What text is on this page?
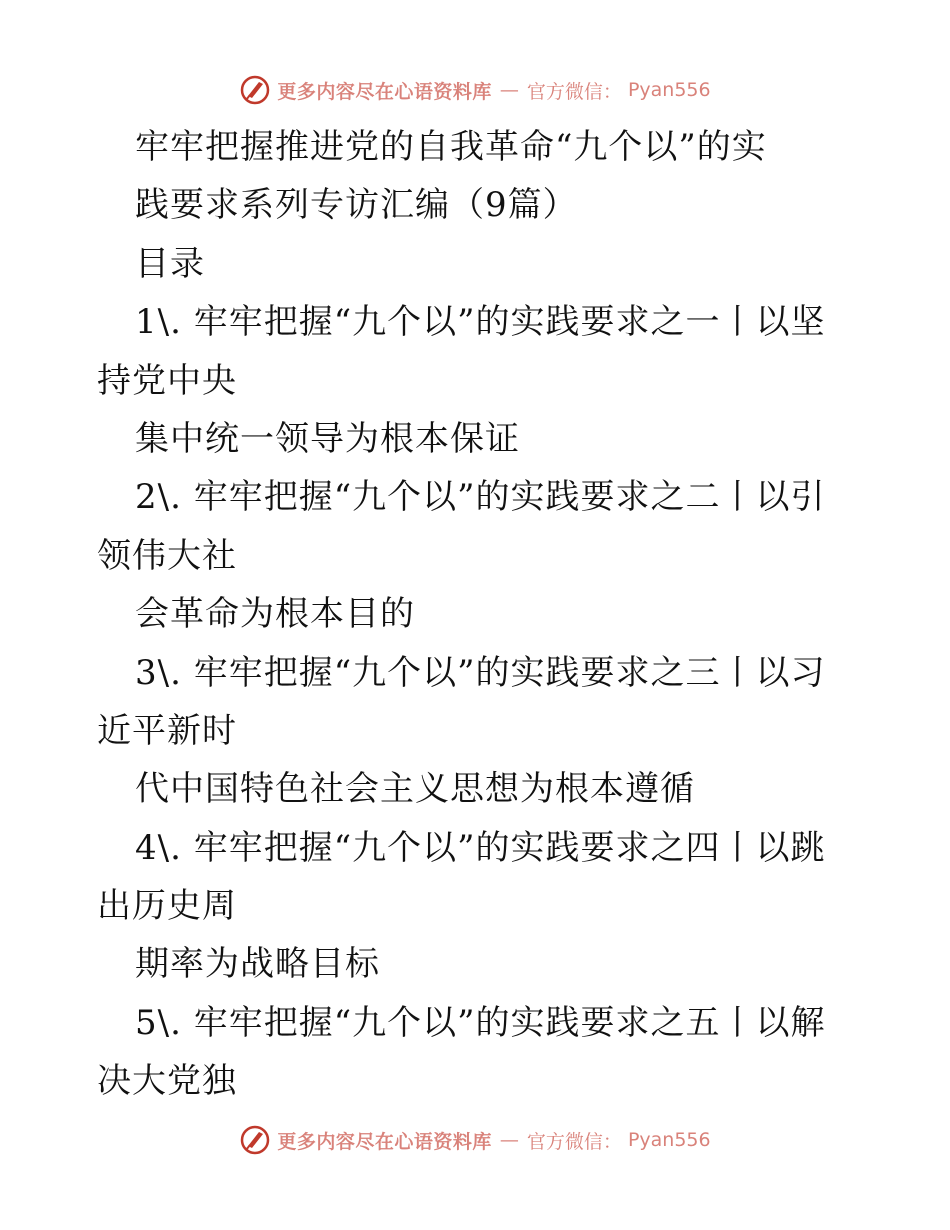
更多内容尽在心语资料库 — 官方微信： Pyan556
牢牢把握推进党的自我革命“九个以”的实
践要求系列专访汇编（9篇）
目录
1\. 牢牢把握“九个以”的实践要求之一丨以坚
持党中央
集中统一领导为根本保证
2\. 牢牢把握“九个以”的实践要求之二丨以引
领伟大社
会革命为根本目的
3\. 牢牢把握“九个以”的实践要求之三丨以习
近平新时
代中国特色社会主义思想为根本遵循
4\. 牢牢把握“九个以”的实践要求之四丨以跳
出历史周
期率为战略目标
5\. 牢牢把握“九个以”的实践要求之五丨以解
决大党独
更多内容尽在心语资料库 — 官方微信： Pyan556
